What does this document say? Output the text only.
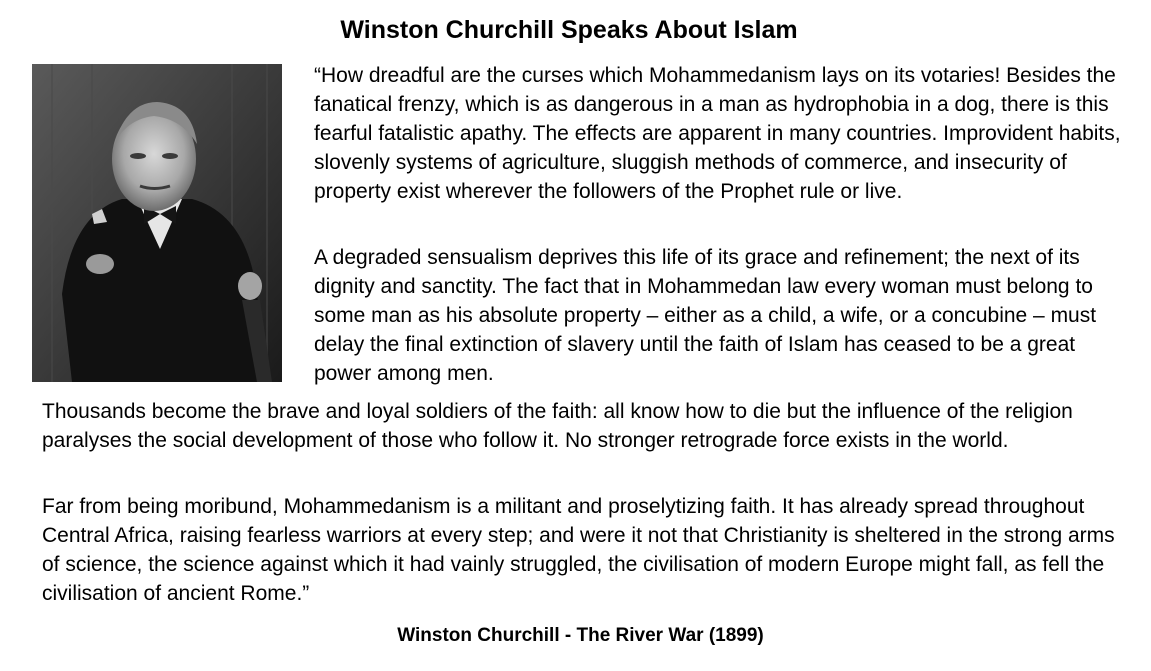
Winston Churchill Speaks About Islam

“How dreadful are the curses which Mohammedanism lays on its votaries! Besides the fanatical frenzy, which is as dangerous in a man as hydrophobia in a dog, there is this fearful fatalistic apathy. The effects are apparent in many countries. Improvident habits, slovenly systems of agriculture, sluggish methods of commerce, and insecurity of property exist wherever the followers of the Prophet rule or live.

A degraded sensualism deprives this life of its grace and refinement; the next of its dignity and sanctity. The fact that in Mohammedan law every woman must belong to some man as his absolute property – either as a child, a wife, or a concubine – must delay the final extinction of slavery until the faith of Islam has ceased to be a great power among men.

Thousands become the brave and loyal soldiers of the faith: all know how to die but the influence of the religion paralyses the social development of those who follow it. No stronger retrograde force exists in the world.

Far from being moribund, Mohammedanism is a militant and proselytizing faith. It has already spread throughout Central Africa, raising fearless warriors at every step; and were it not that Christianity is sheltered in the strong arms of science, the science against which it had vainly struggled, the civilisation of modern Europe might fall, as fell the civilisation of ancient Rome.”

Winston Churchill - The River War (1899)
